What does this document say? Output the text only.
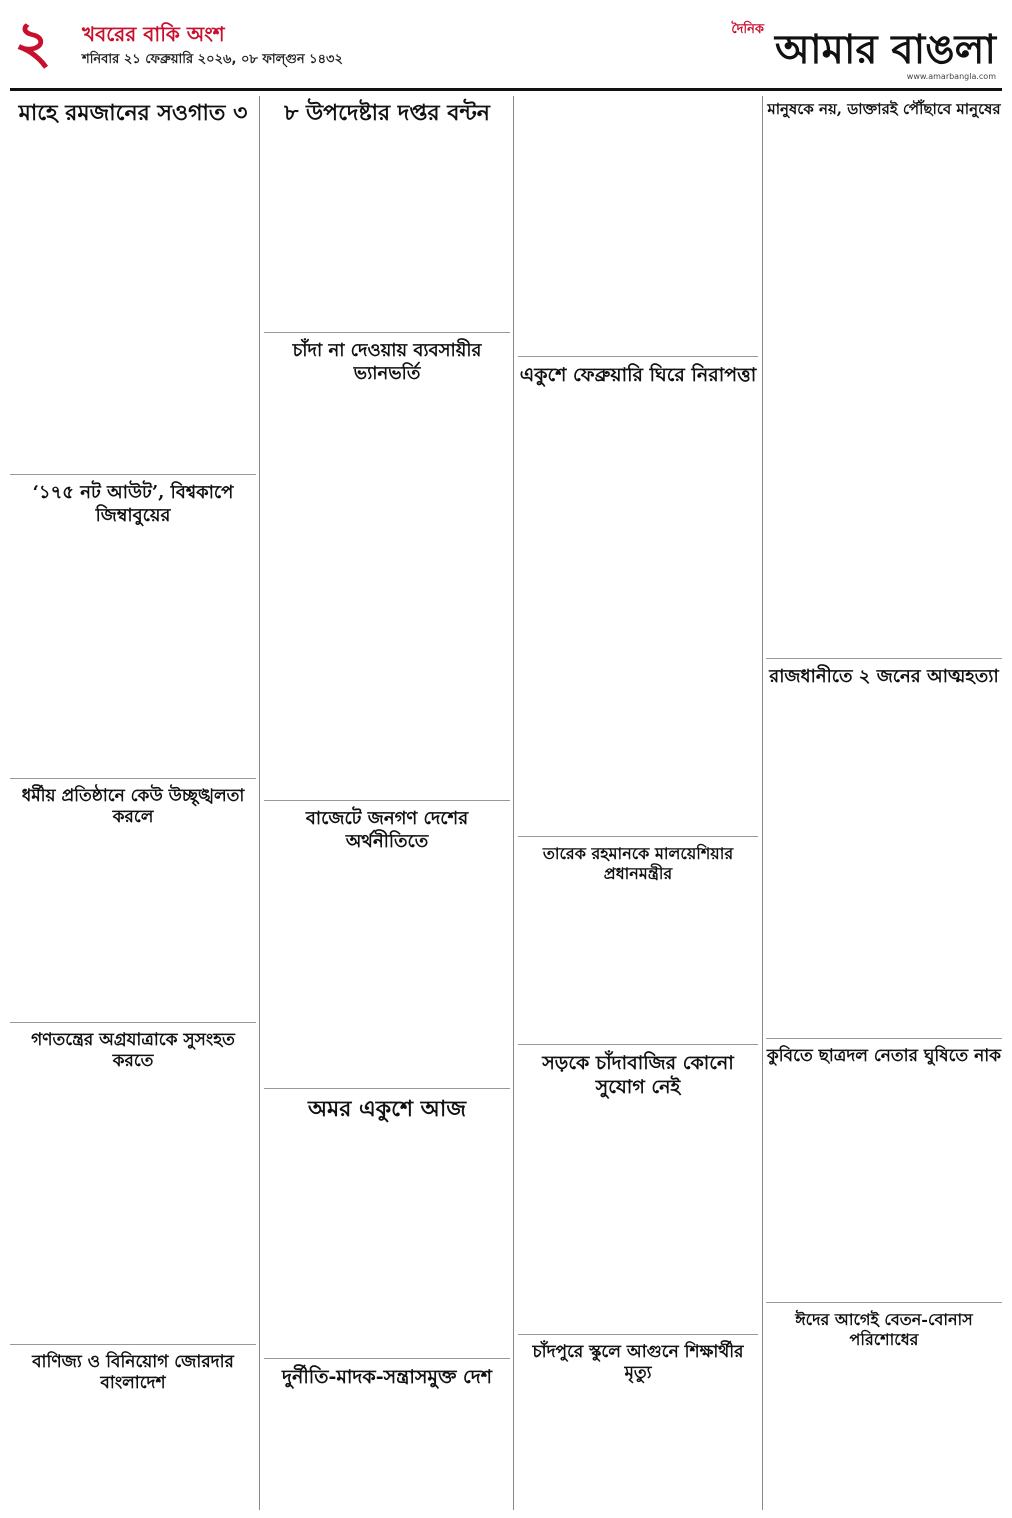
২ খবরের বাকি অংশ
শনিবার ২১ ফেব্রুয়ারি ২০২৬, ০৮ ফাল্গুন ১৪৩২
দৈনিক আমার বাঙলা
www.amarbangla.com
মাহে রমজানের সওগাত ৩

‘১৭৫ নট আউট’, বিশ্বকাপে জিম্বাবুয়ের

ধর্মীয় প্রতিষ্ঠানে কেউ উচ্ছৃঙ্খলতা করলে

গণতন্ত্রের অগ্রযাত্রাকে সুসংহত করতে

বাণিজ্য ও বিনিয়োগ জোরদার বাংলাদেশ

৮ উপদেষ্টার দপ্তর বন্টন

চাঁদা না দেওয়ায় ব্যবসায়ীর ভ্যানভর্তি

বাজেটে জনগণ দেশের অর্থনীতিতে

অমর একুশে আজ

দুর্নীতি-মাদক-সন্ত্রাসমুক্ত দেশ

একুশে ফেব্রুয়ারি ঘিরে নিরাপত্তা

তারেক রহমানকে মালয়েশিয়ার প্রধানমন্ত্রীর

সড়কে চাঁদাবাজির কোনো সুযোগ নেই

চাঁদপুরে স্কুলে আগুনে শিক্ষার্থীর মৃত্যু

মানুষকে নয়, ডাক্তারই পৌঁছাবে মানুষের

রাজধানীতে ২ জনের আত্মহত্যা

কুবিতে ছাত্রদল নেতার ঘুষিতে নাক

ঈদের আগেই বেতন-বোনাস পরিশোধের
